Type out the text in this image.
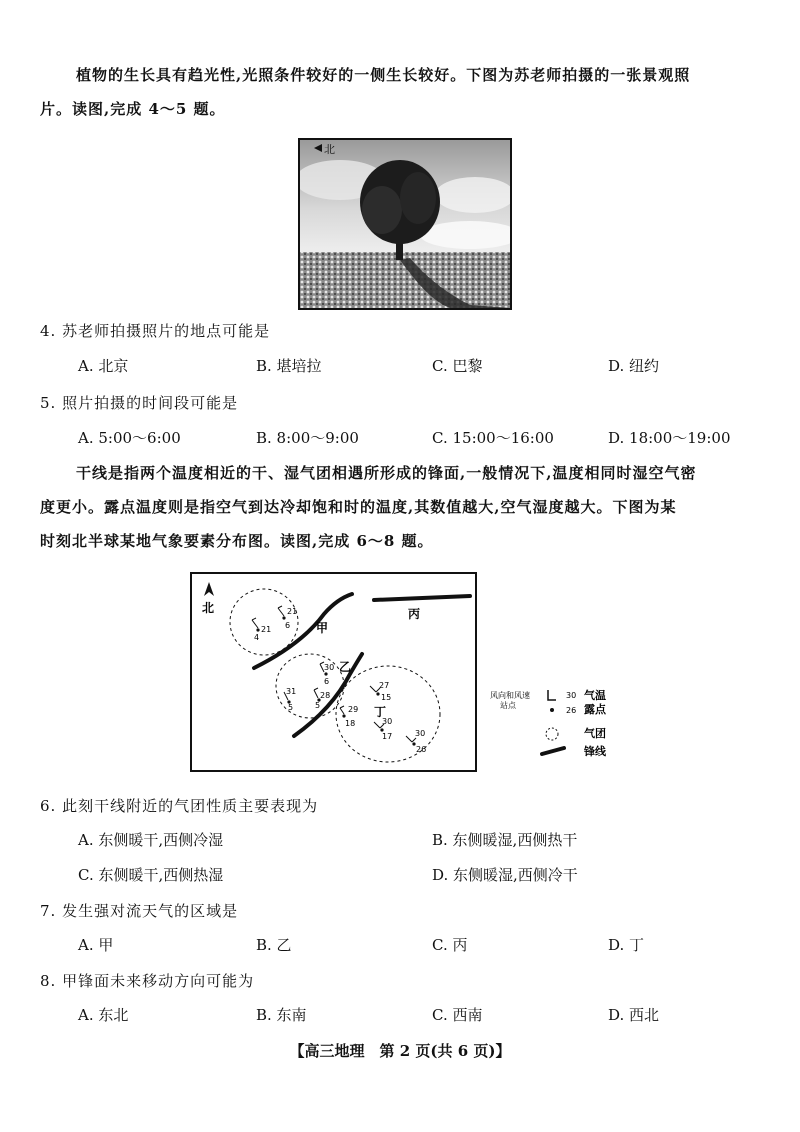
植物的生长具有趋光性,光照条件较好的一侧生长较好。下图为苏老师拍摄的一张景观照
片。读图,完成 4～5 题。
北
4. 苏老师拍摄照片的地点可能是
A. 北京	B. 堪培拉	C. 巴黎	D. 纽约
5. 照片拍摄的时间段可能是
A. 5:00～6:00	B. 8:00～9:00	C. 15:00～16:00	D. 18:00～19:00
干线是指两个温度相近的干、湿气团相遇所形成的锋面,一般情况下,温度相同时湿空气密
度更小。露点温度则是指空气到达冷却饱和时的温度,其数值越大,空气湿度越大。下图为某
时刻北半球某地气象要素分布图。读图,完成 6～8 题。
北
甲
乙
丙
丁
21
6
21
4
30
6
31
5
28
5	29
18
27
15
30
17	30
26
风向和风速
站点
30 气温
26 露点
气团
锋线
6. 此刻干线附近的气团性质主要表现为
A. 东侧暖干,西侧冷湿	B. 东侧暖湿,西侧热干
C. 东侧暖干,西侧热湿	D. 东侧暖湿,西侧冷干
7. 发生强对流天气的区域是
A. 甲	B. 乙	C. 丙	D. 丁
8. 甲锋面未来移动方向可能为
A. 东北	B. 东南	C. 西南	D. 西北
【高三地理　第 2 页(共 6 页)】
